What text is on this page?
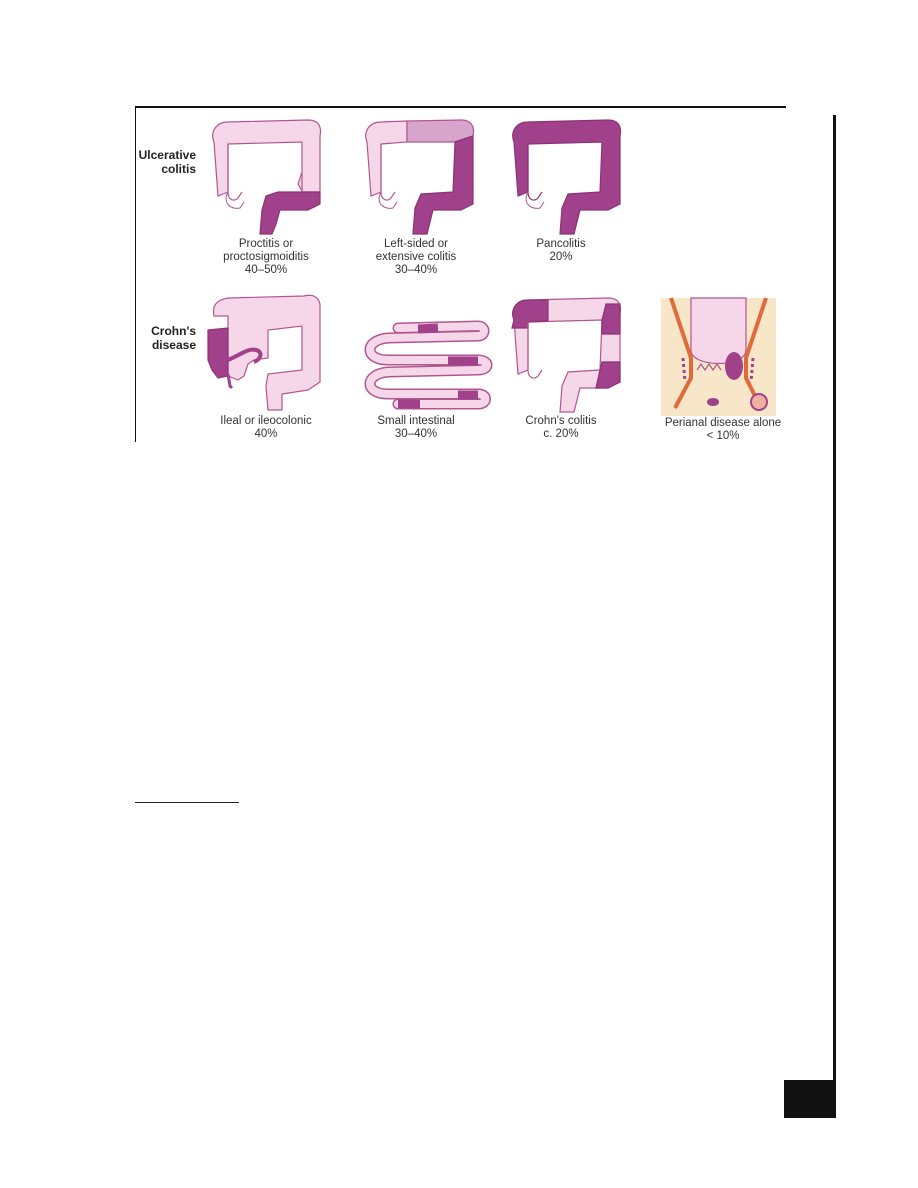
Ulcerative
colitis
Crohn's
disease
Proctitis or
proctosigmoiditis
40–50%
Left-sided or
extensive colitis
30–40%
Pancolitis
20%
Ileal or ileocolonic
40%
Small intestinal
30–40%
Crohn's colitis
c. 20%
Perianal disease alone
< 10%
